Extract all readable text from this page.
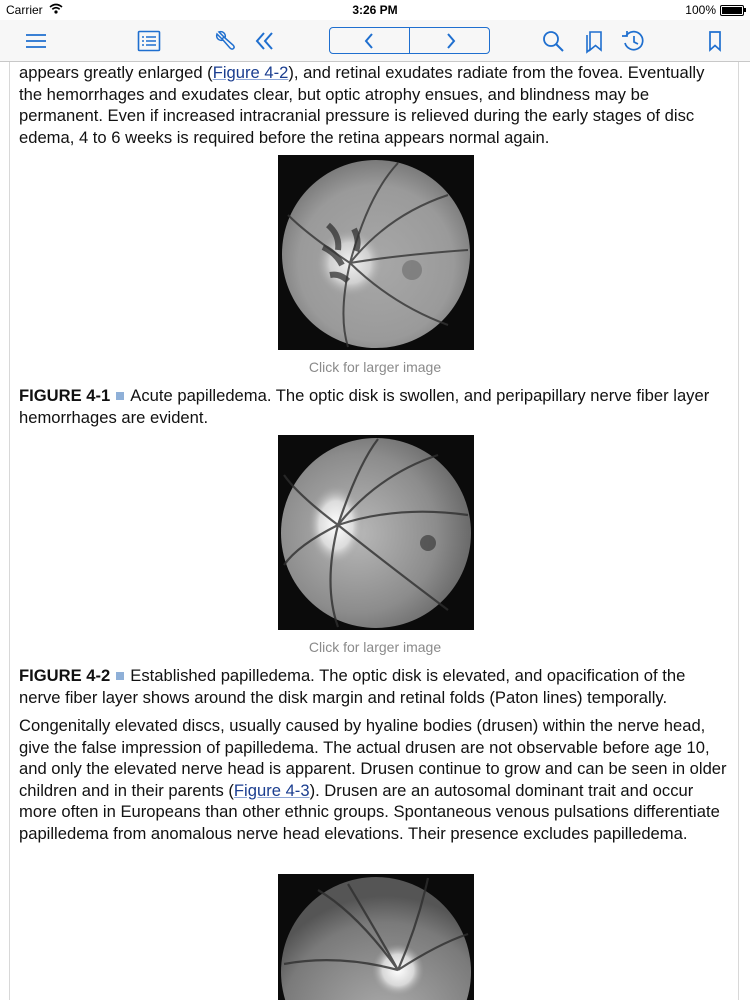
Carrier	3:26 PM	100%

appears greatly enlarged (Figure 4-2), and retinal exudates radiate from the fovea. Eventually the hemorrhages and exudates clear, but optic atrophy ensues, and blindness may be permanent. Even if increased intracranial pressure is relieved during the early stages of disc edema, 4 to 6 weeks is required before the retina appears normal again.

Click for larger image

FIGURE 4-1 Acute papilledema. The optic disk is swollen, and peripapillary nerve fiber layer hemorrhages are evident.

Click for larger image

FIGURE 4-2 Established papilledema. The optic disk is elevated, and opacification of the nerve fiber layer shows around the disk margin and retinal folds (Paton lines) temporally.

Congenitally elevated discs, usually caused by hyaline bodies (drusen) within the nerve head, give the false impression of papilledema. The actual drusen are not observable before age 10, and only the elevated nerve head is apparent. Drusen continue to grow and can be seen in older children and in their parents (Figure 4-3). Drusen are an autosomal dominant trait and occur more often in Europeans than other ethnic groups. Spontaneous venous pulsations differentiate papilledema from anomalous nerve head elevations. Their presence excludes papilledema.
